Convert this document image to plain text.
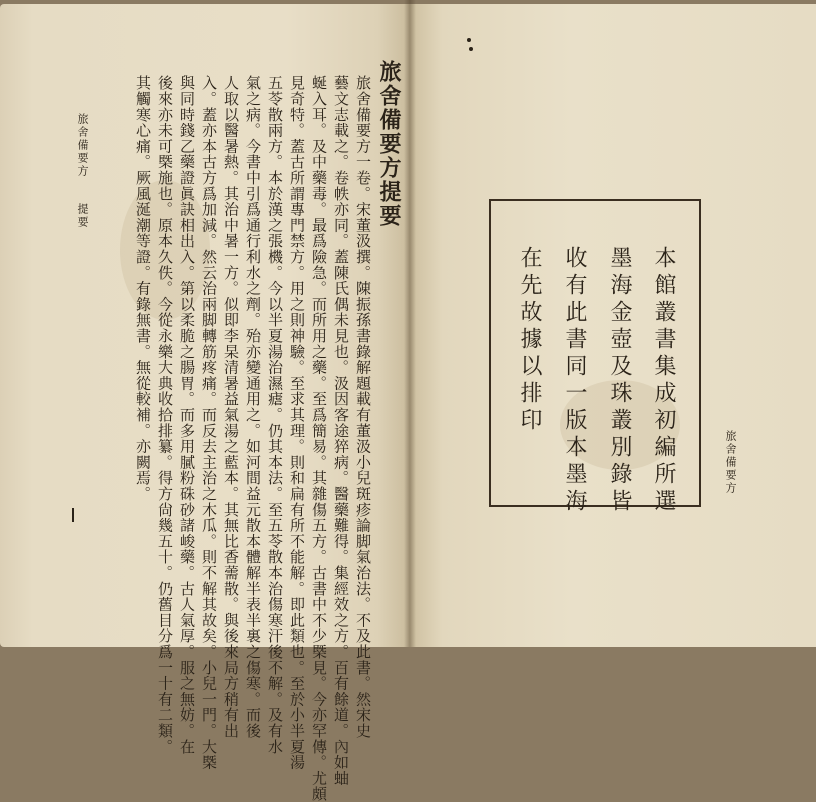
旅舍備要方
提要	旅舍備要方提要
旅舍備要方一卷。宋董汲撰。陳振孫書錄解題載有董汲小兒斑疹論脚氣治法。不及此書。然宋史
藝文志載之。卷帙亦同。蓋陳氏偶未見也。汲因客途猝病。醫藥難得。集經效之方。百有餘道。內如蚰
蜒入耳。及中藥毒。最爲險急。而所用之藥。至爲簡易。其雜傷五方。古書中不少槩見。今亦罕傳。尤頗
見奇特。蓋古所謂專門禁方。用之則神驗。至求其理。則和扁有所不能解。即此類也。至於小半夏湯
五苓散兩方。本於漢之張機。今以半夏湯治濕瘧。仍其本法。至五苓散本治傷寒汗後不解。及有水
氣之病。今書中引爲通行利水之劑。殆亦變通用之。如河間益元散本體解半表半裏之傷寒。而後
人取以醫暑熱。其治中暑一方。似即李杲清暑益氣湯之藍本。其無比香薷散。與後來局方稍有出
入。蓋亦本古方爲加減。然云治兩脚轉筋疼痛。而反去主治之木瓜。則不解其故矣。小兒一門。大槩
與同時錢乙藥證眞訣相出入。第以柔脆之腸胃。而多用膩粉硃砂諸峻藥。古人氣厚。服之無妨。在
後來亦未可槩施也。原本久佚。今從永樂大典收拾排纂。得方尙幾五十。仍舊目分爲一十有二類。
其觸寒心痛。厥風涎潮等證。有錄無書。無從較補。亦闕焉。	本館叢書集成初編所選
墨海金壺及珠叢別錄皆
收有此書同一版本墨海
在先故據以排印
旅舍備要方
